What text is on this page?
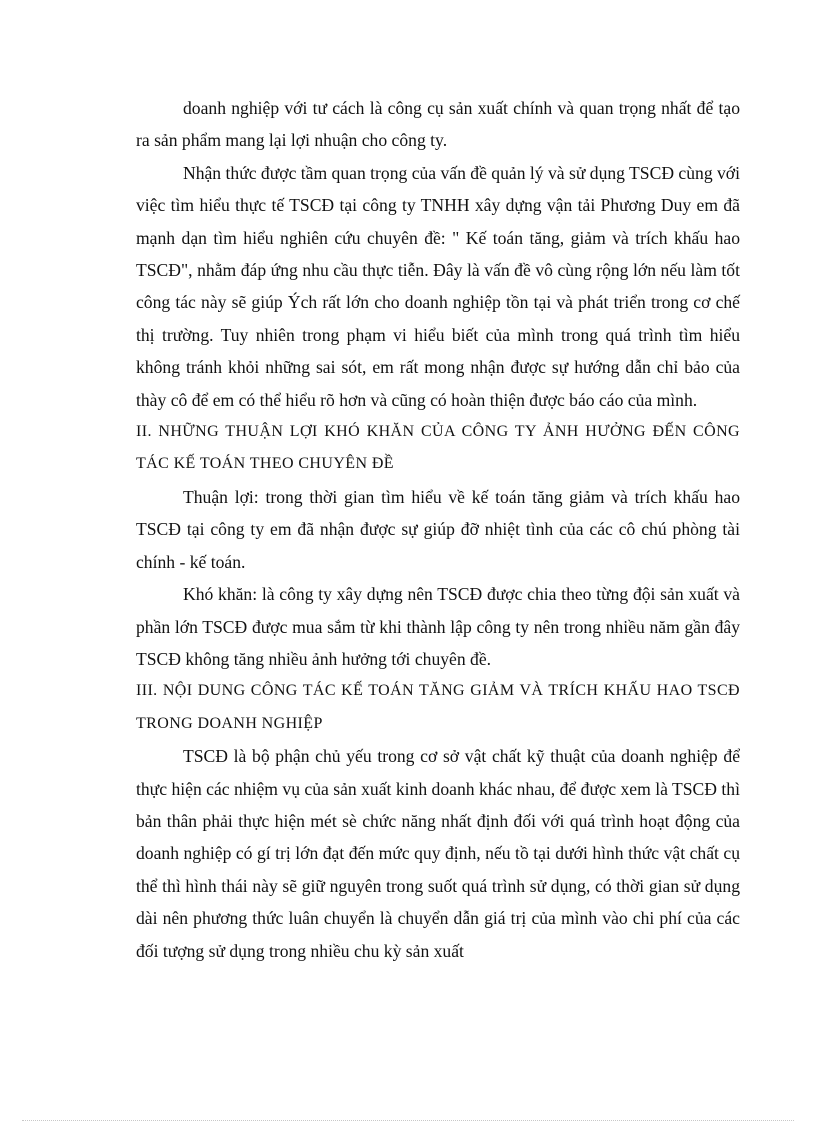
doanh nghiệp với tư cách là công cụ sản xuất chính và quan trọng nhất để tạo ra sản phẩm mang lại lợi nhuận cho công ty.

Nhận thức được tầm quan trọng của vấn đề quản lý và sử dụng TSCĐ cùng với việc tìm hiểu thực tế TSCĐ tại công ty TNHH xây dựng vận tải Phương Duy em đã mạnh dạn tìm hiểu nghiên cứu chuyên đề: " Kế toán tăng, giảm và trích khấu hao TSCĐ", nhằm đáp ứng nhu cầu thực tiễn. Đây là vấn đề vô cùng rộng lớn nếu làm tốt công tác này sẽ giúp Ých rất lớn cho doanh nghiệp tồn tại và phát triển trong cơ chế thị trường. Tuy nhiên trong phạm vi hiểu biết của mình trong quá trình tìm hiểu không tránh khỏi những sai sót, em rất mong nhận được sự hướng dẫn chỉ bảo của thày cô để em có thể hiểu rõ hơn và cũng có hoàn thiện được báo cáo của mình.

II. NHỮNG THUẬN LỢI KHÓ KHĂN CỦA CÔNG TY ẢNH HƯỞNG ĐẾN CÔNG TÁC KẾ TOÁN THEO CHUYÊN ĐỀ

Thuận lợi: trong thời gian tìm hiểu về kế toán tăng giảm và trích khấu hao TSCĐ tại công ty em đã nhận được sự giúp đỡ nhiệt tình của các cô chú phòng tài chính - kế toán.

Khó khăn: là công ty xây dựng nên TSCĐ được chia theo từng đội sản xuất và phần lớn TSCĐ được mua sắm từ khi thành lập công ty nên trong nhiều năm gần đây TSCĐ không tăng nhiều ảnh hưởng tới chuyên đề.

III. NỘI DUNG CÔNG TÁC KẾ TOÁN TĂNG GIẢM VÀ TRÍCH KHẤU HAO TSCĐ TRONG DOANH NGHIỆP

TSCĐ là bộ phận chủ yếu trong cơ sở vật chất kỹ thuật của doanh nghiệp để thực hiện các nhiệm vụ của sản xuất kinh doanh khác nhau, để được xem là TSCĐ thì bản thân phải thực hiện mét sè chức năng nhất định đối với quá trình hoạt động của doanh nghiệp có gí trị lớn đạt đến mức quy định, nếu tồ tại dưới hình thức vật chất cụ thể thì hình thái này sẽ giữ nguyên trong suốt quá trình sử dụng, có thời gian sử dụng dài nên phương thức luân chuyển là chuyển dẫn giá trị của mình vào chi phí của các đối tượng sử dụng trong nhiều chu kỳ sản xuất
